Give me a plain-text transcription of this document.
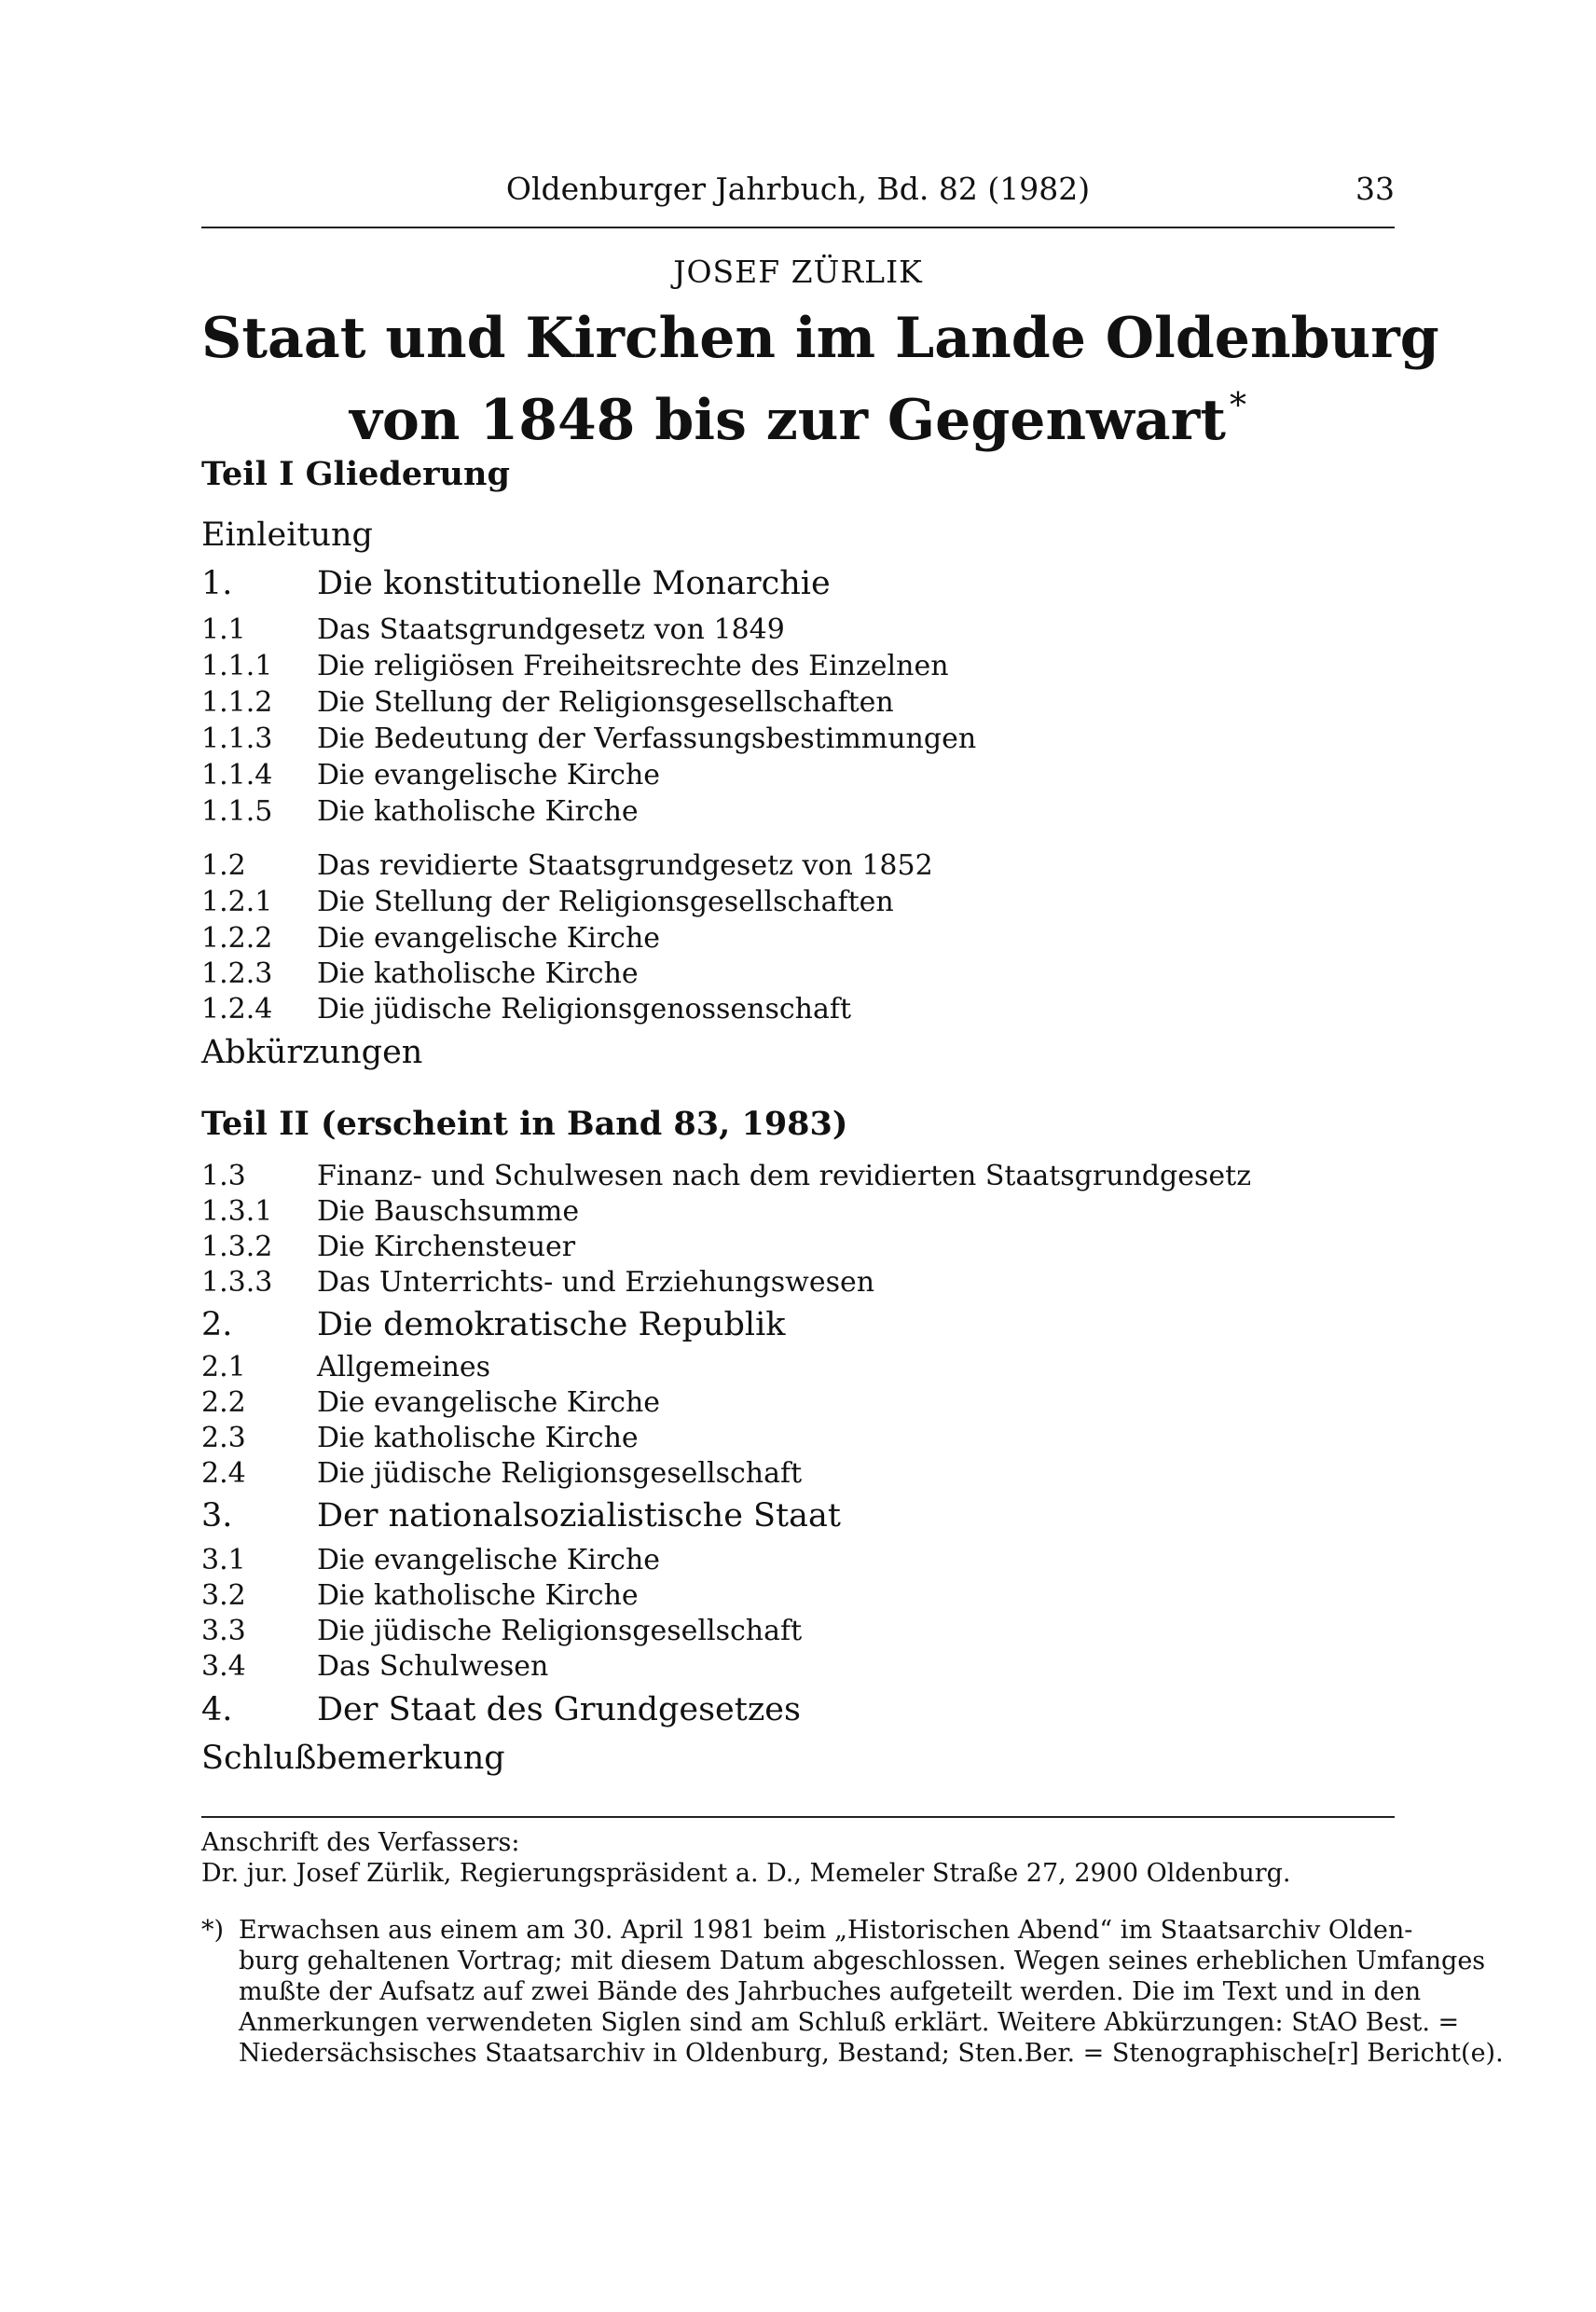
Oldenburger Jahrbuch, Bd. 82 (1982)	33
JOSEF ZÜRLIK
Staat und Kirchen im Lande Oldenburg
von 1848 bis zur Gegenwart *
Teil I Gliederung
Einleitung
1.	Die konstitutionelle Monarchie
1.1	Das Staatsgrundgesetz von 1849
1.1.1 Die religiösen Freiheitsrechte des Einzelnen
1.1.2 Die Stellung der Religionsgesellschaften
1.1.3 Die Bedeutung der Verfassungsbestimmungen
1.1.4 Die evangelische Kirche
1.1.5 Die katholische Kirche
1.2	Das revidierte Staatsgrundgesetz von 1852
1.2.1 Die Stellung der Religionsgesellschaften
1.2.2 Die evangelische Kirche
1.2.3 Die katholische Kirche
1.2.4 Die jüdische Religionsgenossenschaft
Abkürzungen
Teil II (erscheint in Band 83, 1983)
1.3	Finanz- und Schulwesen nach dem revidierten Staatsgrundgesetz
1.3.1 Die Bauschsumme
1.3.2 Die Kirchensteuer
1.3.3 Das Unterrichts- und Erziehungswesen
2.	Die demokratische Republik
2.1	Allgemeines
2.2	Die evangelische Kirche
2.3	Die katholische Kirche
2.4	Die jüdische Religionsgesellschaft
3.	Der nationalsozialistische Staat
3.1	Die evangelische Kirche
3.2	Die katholische Kirche
3.3	Die jüdische Religionsgesellschaft
3.4	Das Schulwesen
4.	Der Staat des Grundgesetzes
Schlußbemerkung
Anschrift des Verfassers:
Dr. jur. Josef Zürlik, Regierungspräsident a. D., Memeler Straße 27, 2900 Oldenburg.
*) Erwachsen aus einem am 30. April 1981 beim „Historischen Abend“ im Staatsarchiv Olden-
burg gehaltenen Vortrag; mit diesem Datum abgeschlossen. Wegen seines erheblichen Umfanges
mußte der Aufsatz auf zwei Bände des Jahrbuches aufgeteilt werden. Die im Text und in den
Anmerkungen verwendeten Siglen sind am Schluß erklärt. Weitere Abkürzungen: StAO Best. =
Niedersächsisches Staatsarchiv in Oldenburg, Bestand; Sten.Ber. = Stenographische[r] Bericht(e).
